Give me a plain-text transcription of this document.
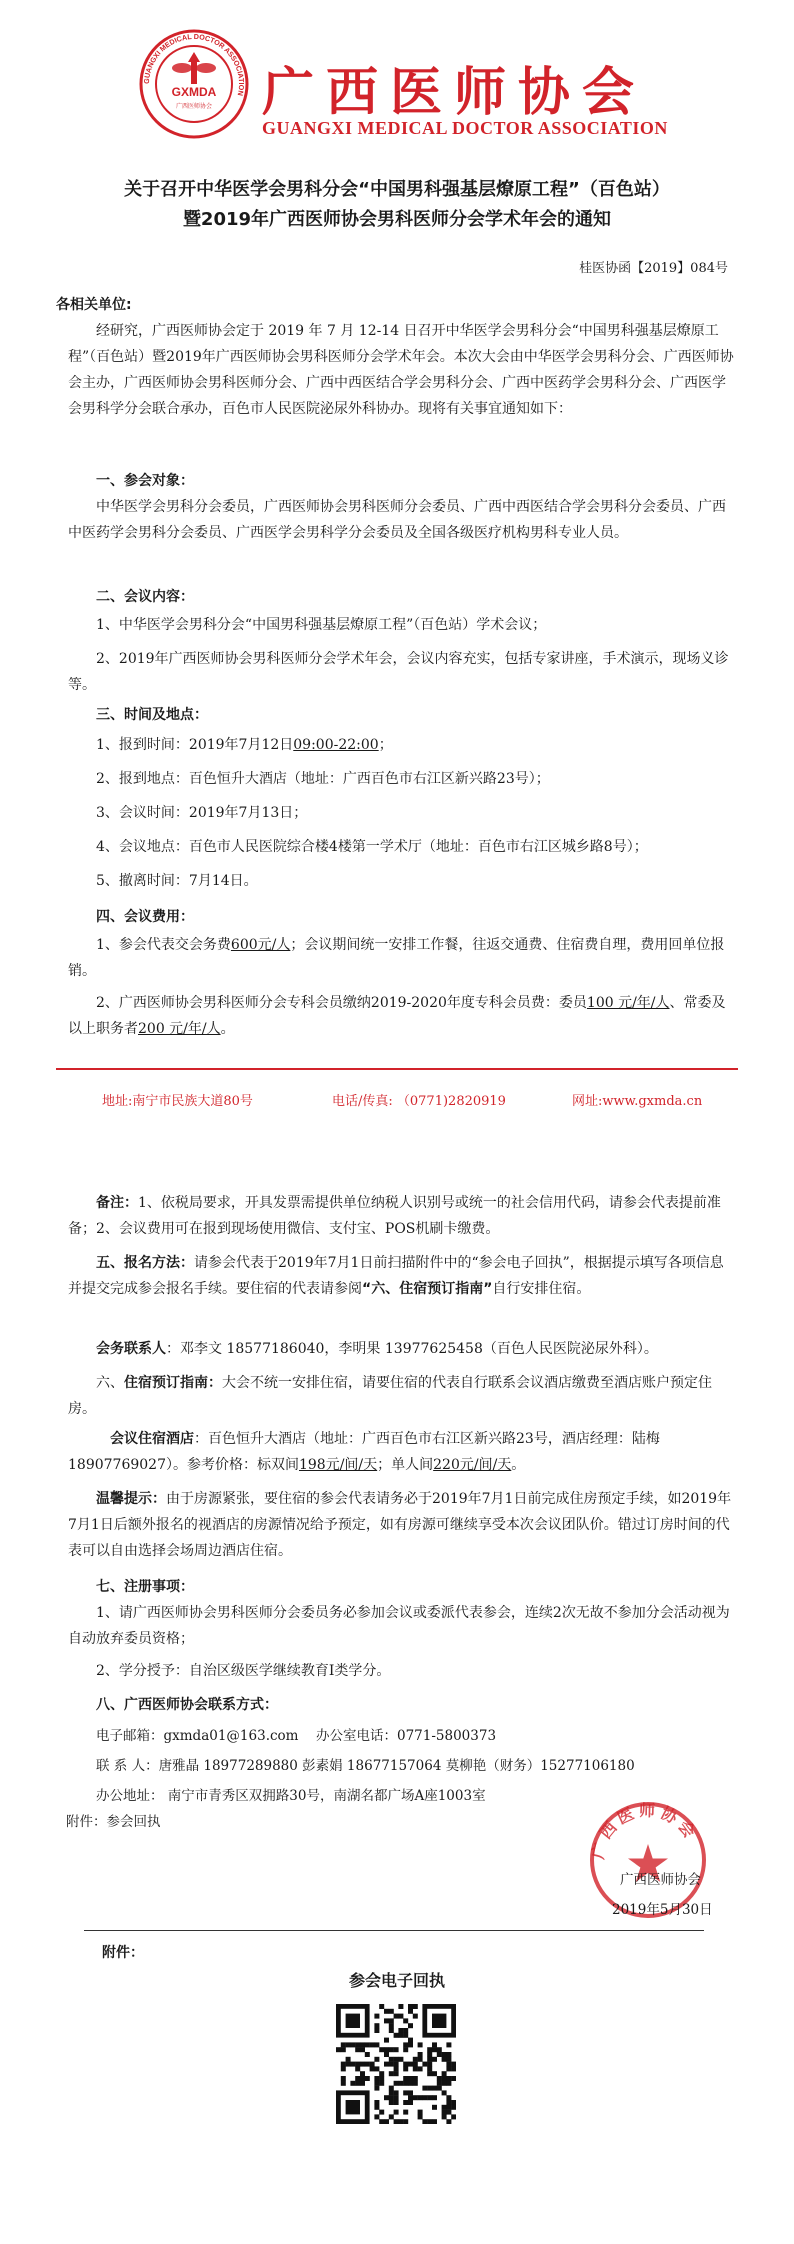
GUANGXI MEDICAL DOCTOR ASSOCIATION
GXMDA
广西医师协会 广西医师协会
GUANGXI MEDICAL DOCTOR ASSOCIATION
关于召开中华医学会男科分会“中国男科强基层燎原工程”（百色站）
暨2019年广西医师协会男科医师分会学术年会的通知
桂医协函【2019】084号
各相关单位:

经研究，广西医师协会定于 2019 年 7 月 12-14 日召开中华医学会男科分会“中国男科强基层燎原工程”（百色站）暨2019年广西医师协会男科医师分会学术年会。本次大会由中华医学会男科分会、广西医师协会主办，广西医师协会男科医师分会、广西中西医结合学会男科分会、广西中医药学会男科分会、广西医学会男科学分会联合承办，百色市人民医院泌尿外科协办。现将有关事宜通知如下：

一、参会对象：

中华医学会男科分会委员，广西医师协会男科医师分会委员、广西中西医结合学会男科分会委员、广西中医药学会男科分会委员、广西医学会男科学分会委员及全国各级医疗机构男科专业人员。

二、会议内容：

1、中华医学会男科分会“中国男科强基层燎原工程”（百色站）学术会议；

2、2019年广西医师协会男科医师分会学术年会，会议内容充实，包括专家讲座，手术演示，现场义诊等。

三、时间及地点：

1、报到时间：2019年7月12日09:00-22:00；

2、报到地点：百色恒升大酒店（地址：广西百色市右江区新兴路23号）；

3、会议时间：2019年7月13日；

4、会议地点：百色市人民医院综合楼4楼第一学术厅（地址：百色市右江区城乡路8号）；

5、撤离时间：7月14日。

四、会议费用：

1、参会代表交会务费600元/人；会议期间统一安排工作餐，往返交通费、住宿费自理，费用回单位报销。

2、广西医师协会男科医师分会专科会员缴纳2019-2020年度专科会员费：委员100 元/年/人、常委及以上职务者200 元/年/人。

地址:南宁市民族大道80号	电话/传真: （0771)2820919	网址:www.gxmda.cn

备注：1、依税局要求，开具发票需提供单位纳税人识别号或统一的社会信用代码，请参会代表提前准备；2、会议费用可在报到现场使用微信、支付宝、POS机刷卡缴费。

五、报名方法：请参会代表于2019年7月1日前扫描附件中的“参会电子回执”，根据提示填写各项信息并提交完成参会报名手续。要住宿的代表请参阅“六、住宿预订指南”自行安排住宿。

会务联系人：邓李文 18577186040，李明果 13977625458（百色人民医院泌尿外科）。

六、住宿预订指南：大会不统一安排住宿，请要住宿的代表自行联系会议酒店缴费至酒店账户预定住房。

会议住宿酒店：百色恒升大酒店（地址：广西百色市右江区新兴路23号，酒店经理：陆梅18907769027）。参考价格：标双间198元/间/天；单人间220元/间/天。

温馨提示：由于房源紧张，要住宿的参会代表请务必于2019年7月1日前完成住房预定手续，如2019年7月1日后额外报名的视酒店的房源情况给予预定，如有房源可继续享受本次会议团队价。错过订房时间的代表可以自由选择会场周边酒店住宿。

七、注册事项：

1、请广西医师协会男科医师分会委员务必参加会议或委派代表参会，连续2次无故不参加分会活动视为自动放弃委员资格；

2、学分授予：自治区级医学继续教育Ⅰ类学分。

八、广西医师协会联系方式：
电子邮箱：gxmda01@163.com 办公室电话：0771-5800373
联 系 人：唐雅晶 18977289880 彭素娟 18677157064 莫柳艳（财务）15277106180
办公地址： 南宁市青秀区双拥路30号，南湖名都广场A座1003室
附件：参会回执
广西医师协会
广西医师协会
2019年5月30日
附件：
参会电子回执
